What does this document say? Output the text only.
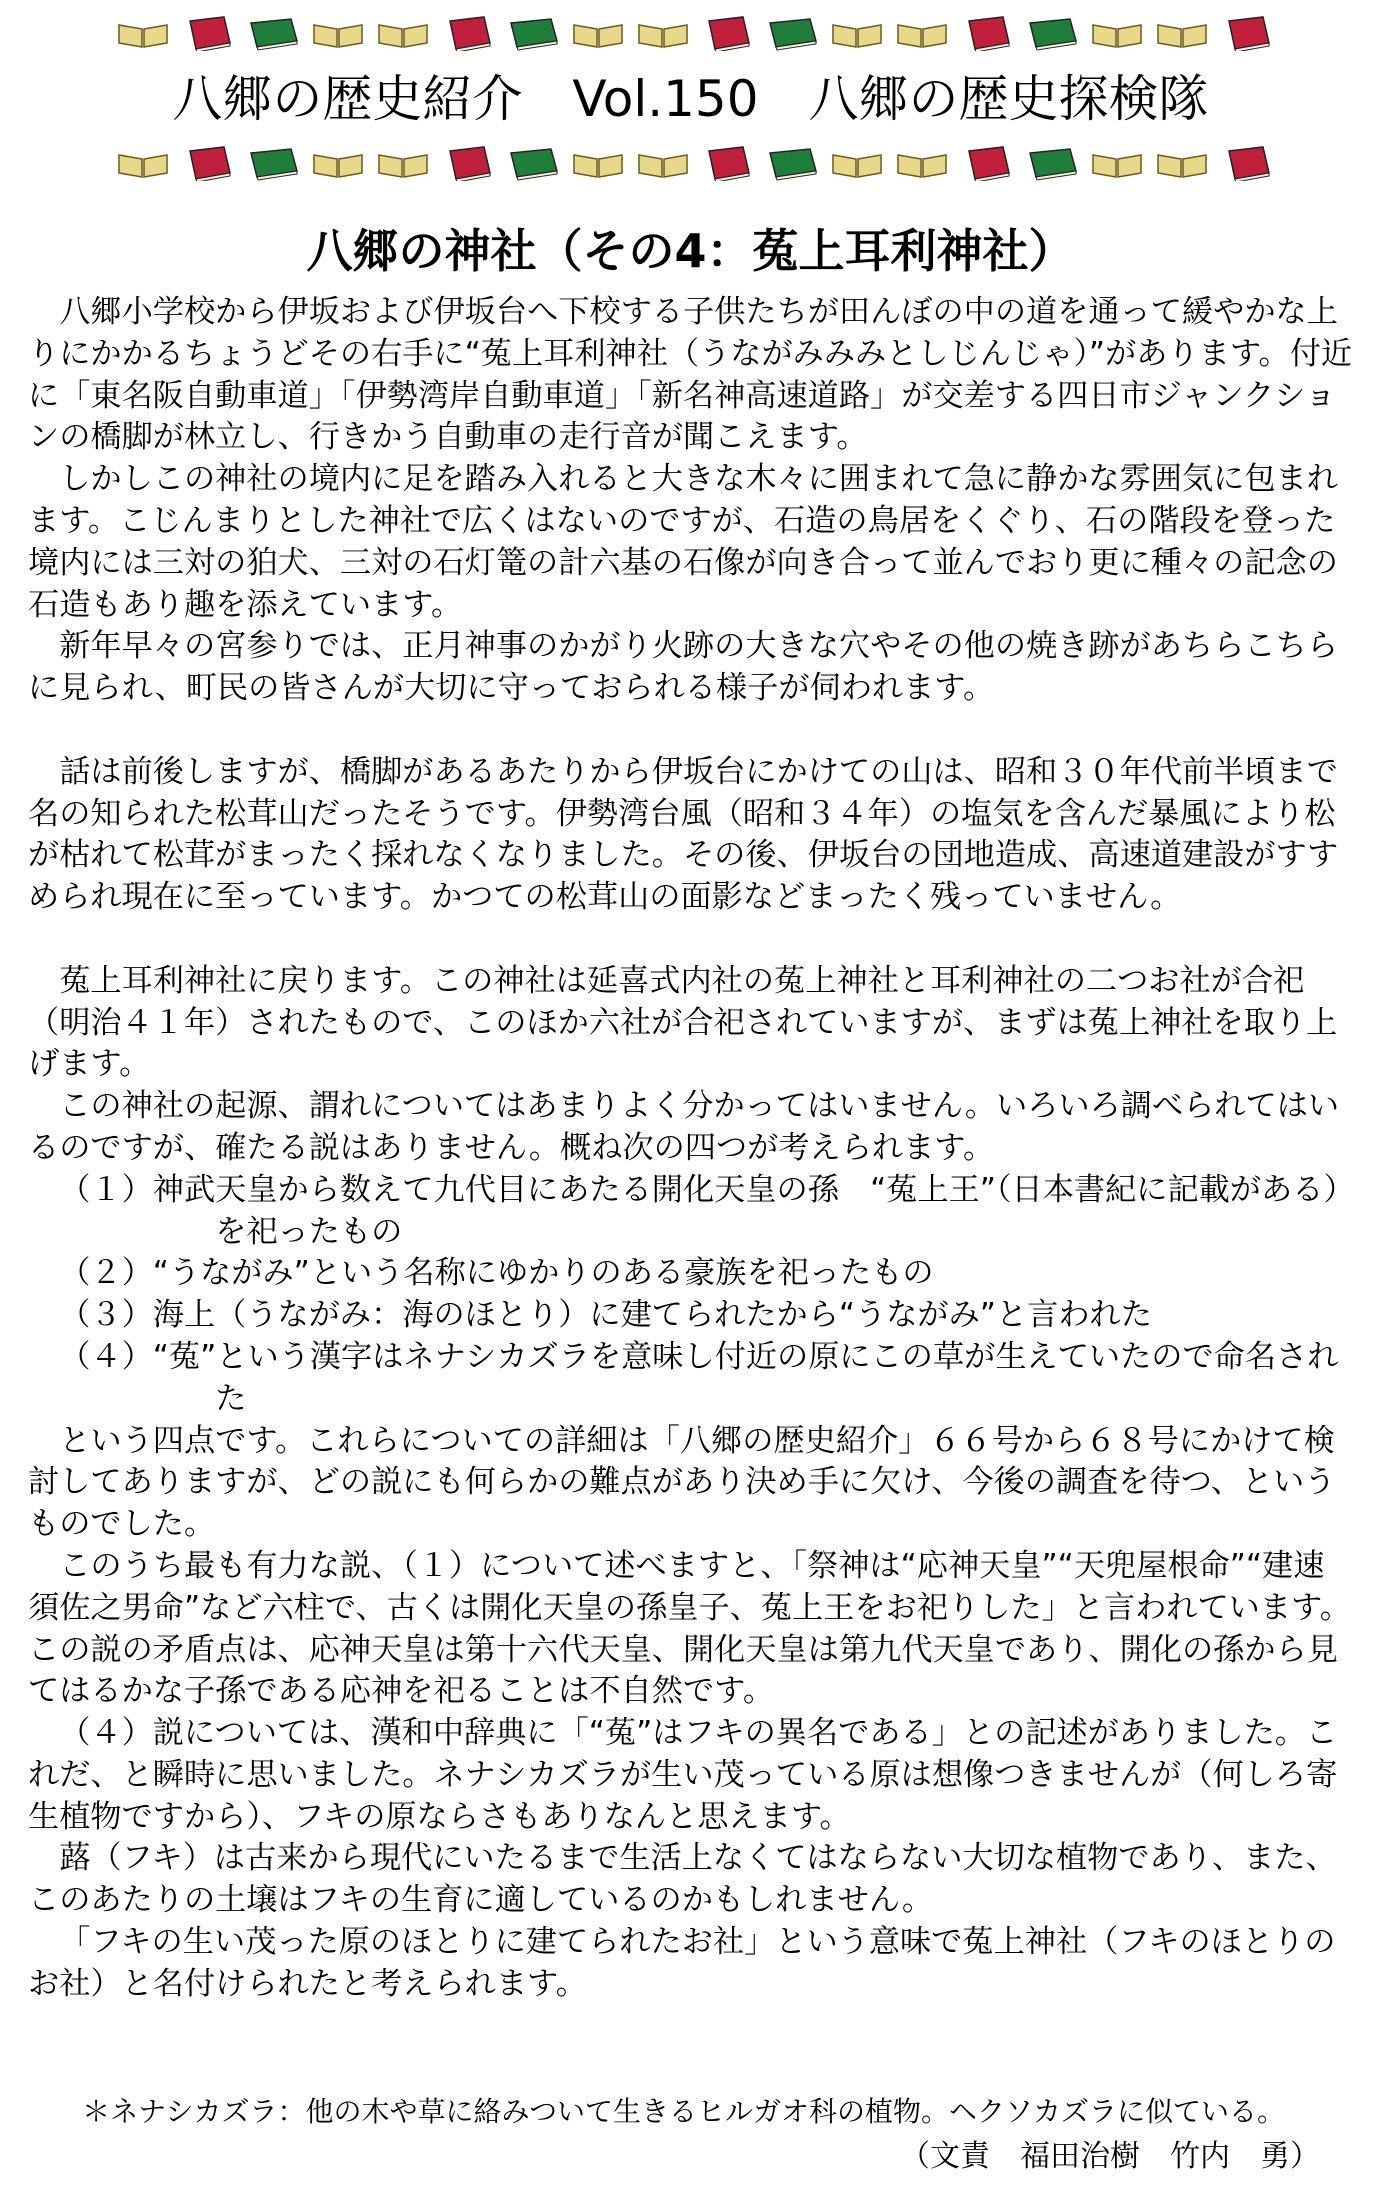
八郷の歴史紹介　Vol.150　八郷の歴史探検隊
八郷の神社（その4：菟上耳利神社）

八郷小学校から伊坂および伊坂台へ下校する子供たちが田んぼの中の道を通って緩やかな上りにかかるちょうどその右手に“菟上耳利神社（うながみみみとしじんじゃ）”があります。付近に「東名阪自動車道」「伊勢湾岸自動車道」「新名神高速道路」が交差する四日市ジャンクションの橋脚が林立し、行きかう自動車の走行音が聞こえます。

しかしこの神社の境内に足を踏み入れると大きな木々に囲まれて急に静かな雰囲気に包まれます。こじんまりとした神社で広くはないのですが、石造の鳥居をくぐり、石の階段を登った境内には三対の狛犬、三対の石灯篭の計六基の石像が向き合って並んでおり更に種々の記念の石造もあり趣を添えています。

新年早々の宮参りでは、正月神事のかがり火跡の大きな穴やその他の焼き跡があちらこちらに見られ、町民の皆さんが大切に守っておられる様子が伺われます。

話は前後しますが、橋脚があるあたりから伊坂台にかけての山は、昭和３０年代前半頃まで名の知られた松茸山だったそうです。伊勢湾台風（昭和３４年）の塩気を含んだ暴風により松が枯れて松茸がまったく採れなくなりました。その後、伊坂台の団地造成、高速道建設がすすめられ現在に至っています。かつての松茸山の面影などまったく残っていません。

菟上耳利神社に戻ります。この神社は延喜式内社の菟上神社と耳利神社の二つお社が合祀（明治４１年）されたもので、このほか六社が合祀されていますが、まずは菟上神社を取り上げます。

この神社の起源、謂れについてはあまりよく分かってはいません。いろいろ調べられてはいるのですが、確たる説はありません。概ね次の四つが考えられます。

（１）神武天皇から数えて九代目にあたる開化天皇の孫　“菟上王”（日本書紀に記載がある）を祀ったもの

（２）“うながみ”という名称にゆかりのある豪族を祀ったもの

（３）海上（うながみ：海のほとり）に建てられたから“うながみ”と言われた

（４）“菟”という漢字はネナシカズラを意味し付近の原にこの草が生えていたので命名された

という四点です。これらについての詳細は「八郷の歴史紹介」６６号から６８号にかけて検討してありますが、どの説にも何らかの難点があり決め手に欠け、今後の調査を待つ、というものでした。

このうち最も有力な説、（１）について述べますと、「祭神は“応神天皇”“天兜屋根命”“建速須佐之男命”など六柱で、古くは開化天皇の孫皇子、菟上王をお祀りした」と言われています。この説の矛盾点は、応神天皇は第十六代天皇、開化天皇は第九代天皇であり、開化の孫から見てはるかな子孫である応神を祀ることは不自然です。

（４）説については、漢和中辞典に「“菟”はフキの異名である」との記述がありました。これだ、と瞬時に思いました。ネナシカズラが生い茂っている原は想像つきませんが（何しろ寄生植物ですから）、フキの原ならさもありなんと思えます。

蕗（フキ）は古来から現代にいたるまで生活上なくてはならない大切な植物であり、また、このあたりの土壌はフキの生育に適しているのかもしれません。

「フキの生い茂った原のほとりに建てられたお社」という意味で菟上神社（フキのほとりのお社）と名付けられたと考えられます。

＊ネナシカズラ：他の木や草に絡みついて生きるヒルガオ科の植物。ヘクソカズラに似ている。
（文責　福田治樹　竹内　勇）
